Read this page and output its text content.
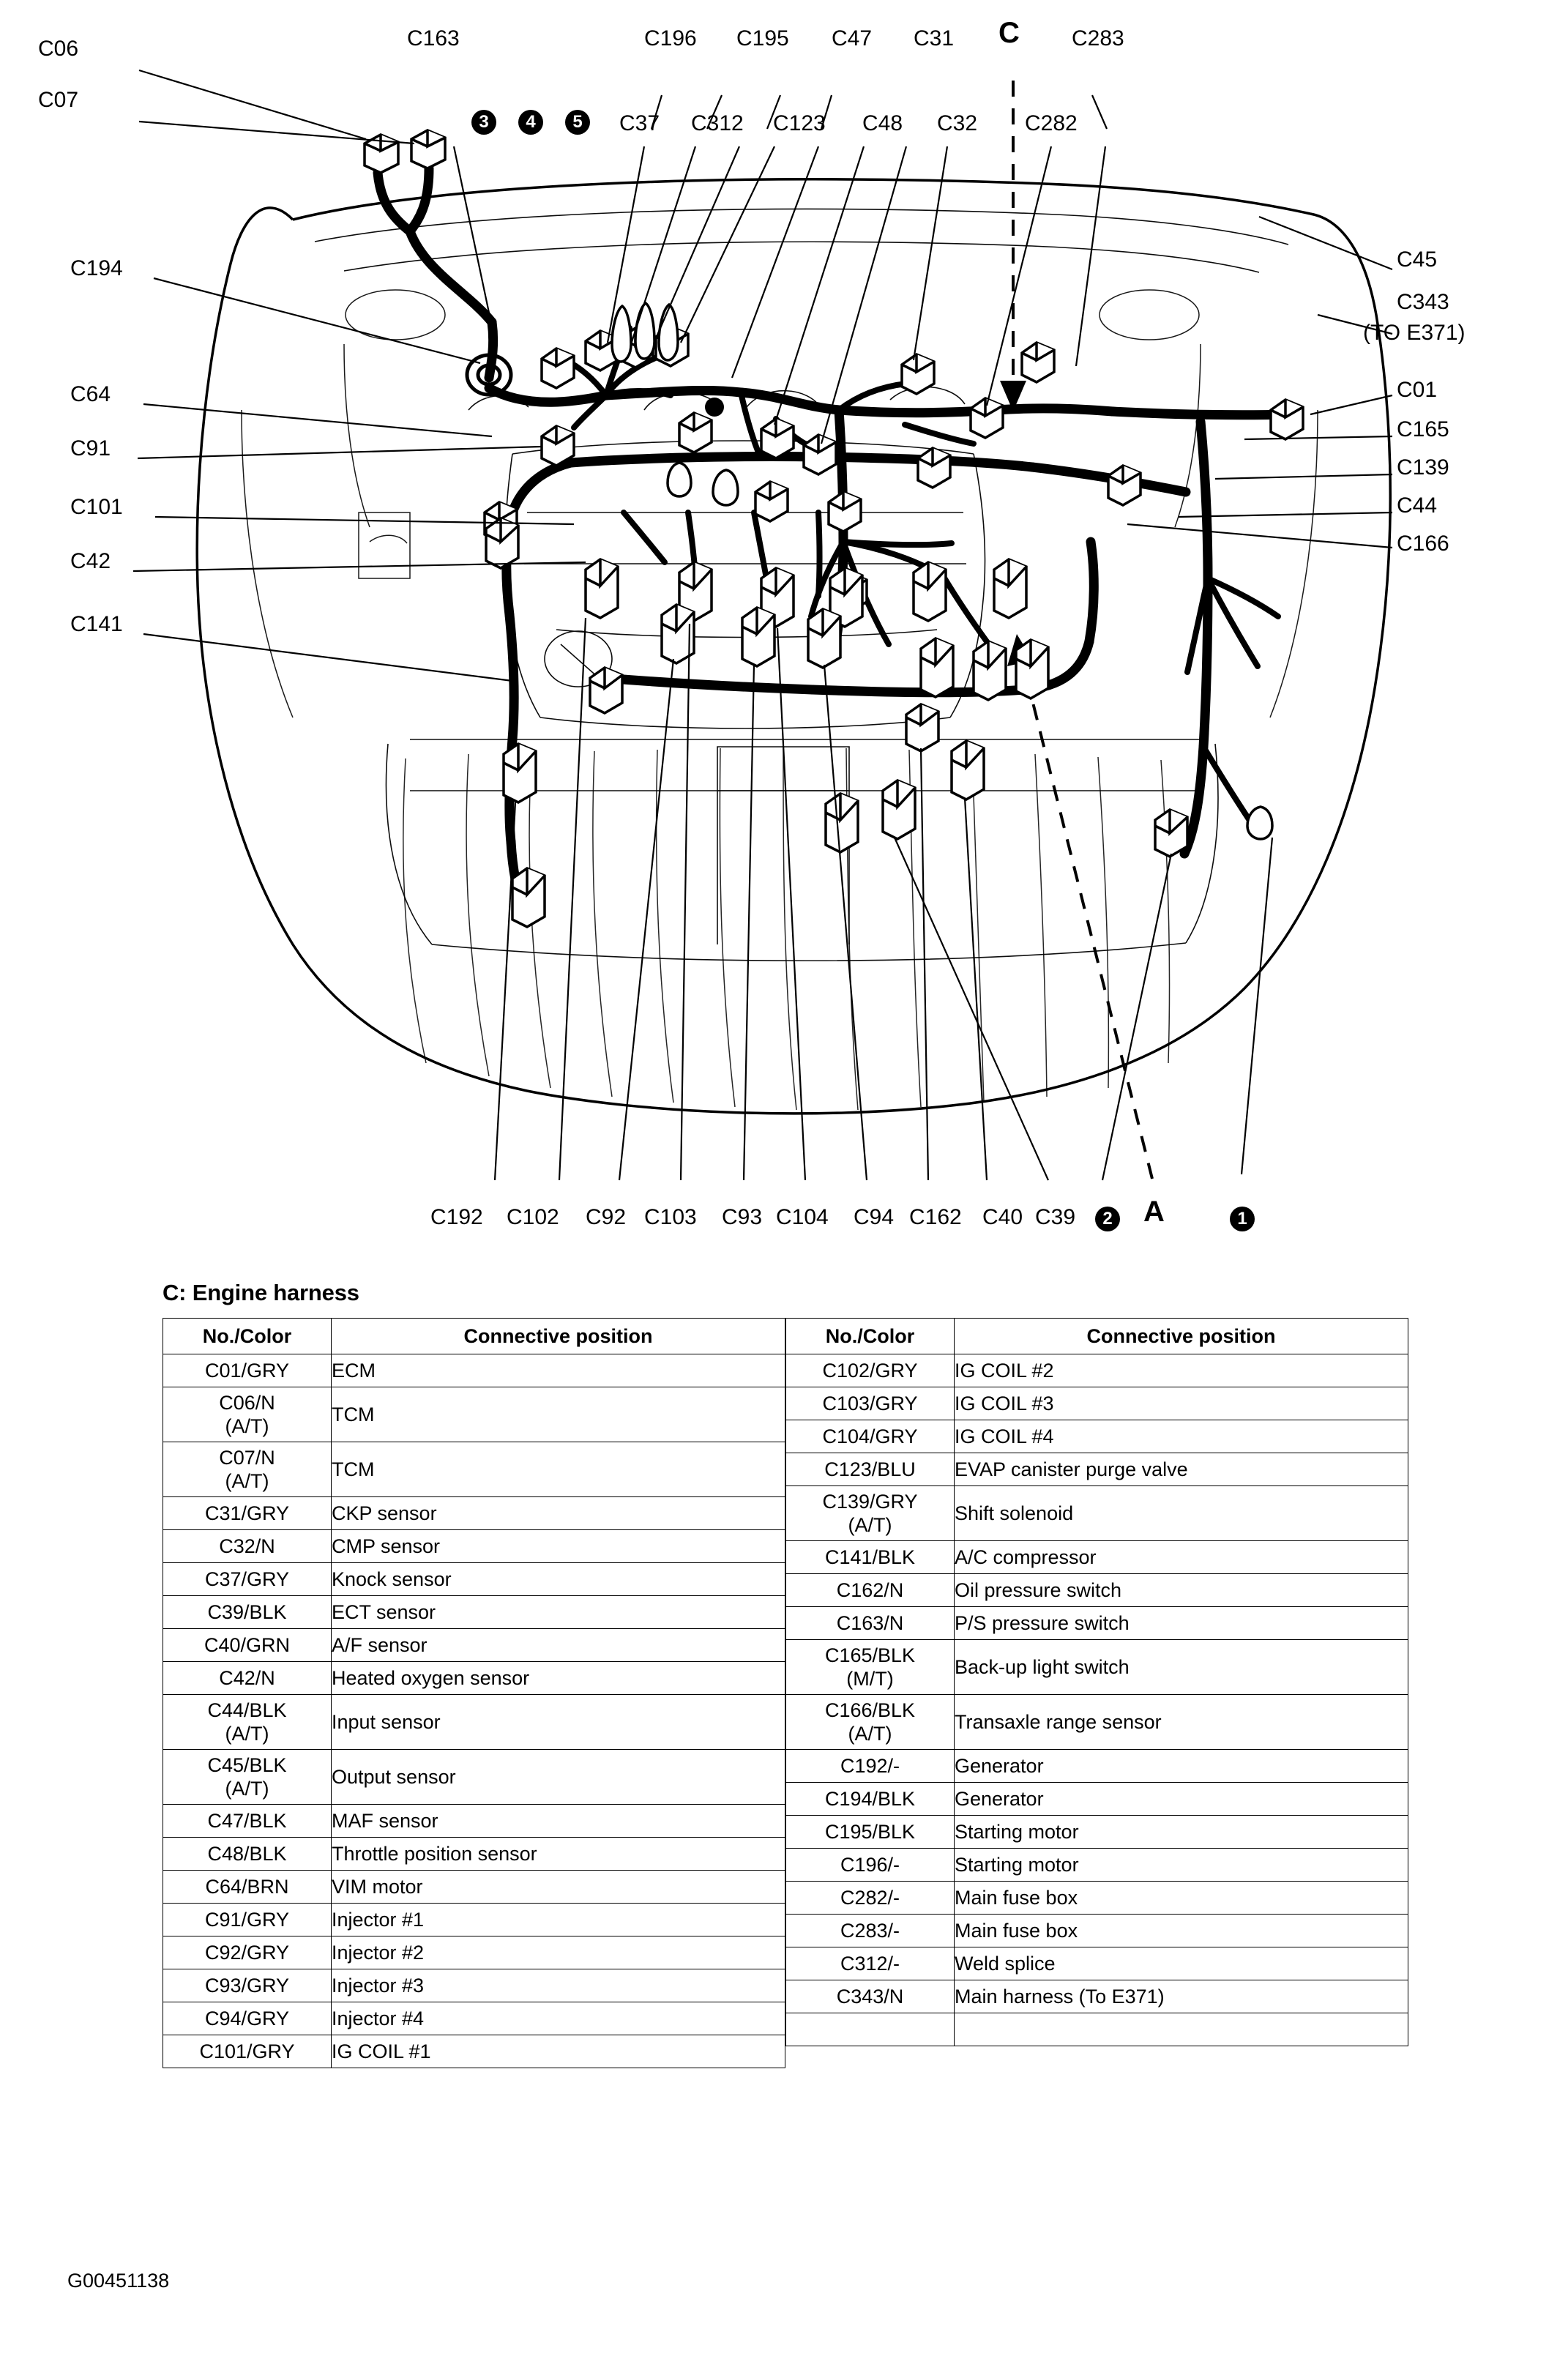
C06
C07
C163	C196 C195 C47 C31 C C283
3	4	5	C37 C312 C123 C48 C32 C282
C194
C64
C91
C101
C42
C141
C45
C343
(TO E371)
C01
C165
C139
C44
C166
C192 C102 C92 C103 C93 C104 C94 C162 C40 C39	2 A	1
C: Engine harness
No./Color	Connective position
C01/GRY	ECM

C06/N
(A/T)	TCM

C07/N
(A/T)	TCM
C31/GRY	CKP sensor
C32/N	CMP sensor
C37/GRY	Knock sensor
C39/BLK	ECT sensor
C40/GRN	A/F sensor
C42/N	Heated oxygen sensor

C44/BLK
(A/T)	Input sensor

C45/BLK
(A/T)	Output sensor
C47/BLK	MAF sensor
C48/BLK	Throttle position sensor
C64/BRN	VIM motor
C91/GRY	Injector #1
C92/GRY	Injector #2
C93/GRY	Injector #3
C94/GRY	Injector #4
C101/GRY	IG COIL #1
No./Color	Connective position
C102/GRY	IG COIL #2
C103/GRY	IG COIL #3
C104/GRY	IG COIL #4
C123/BLU	EVAP canister purge valve

C139/GRY
(A/T)	Shift solenoid
C141/BLK	A/C compressor
C162/N	Oil pressure switch
C163/N	P/S pressure switch

C165/BLK
(M/T)	Back-up light switch

C166/BLK
(A/T)	Transaxle range sensor
C192/-	Generator
C194/BLK	Generator
C195/BLK	Starting motor
C196/-	Starting motor
C282/-	Main fuse box
C283/-	Main fuse box
C312/-	Weld splice
C343/N	Main harness (To E371)

G00451138
